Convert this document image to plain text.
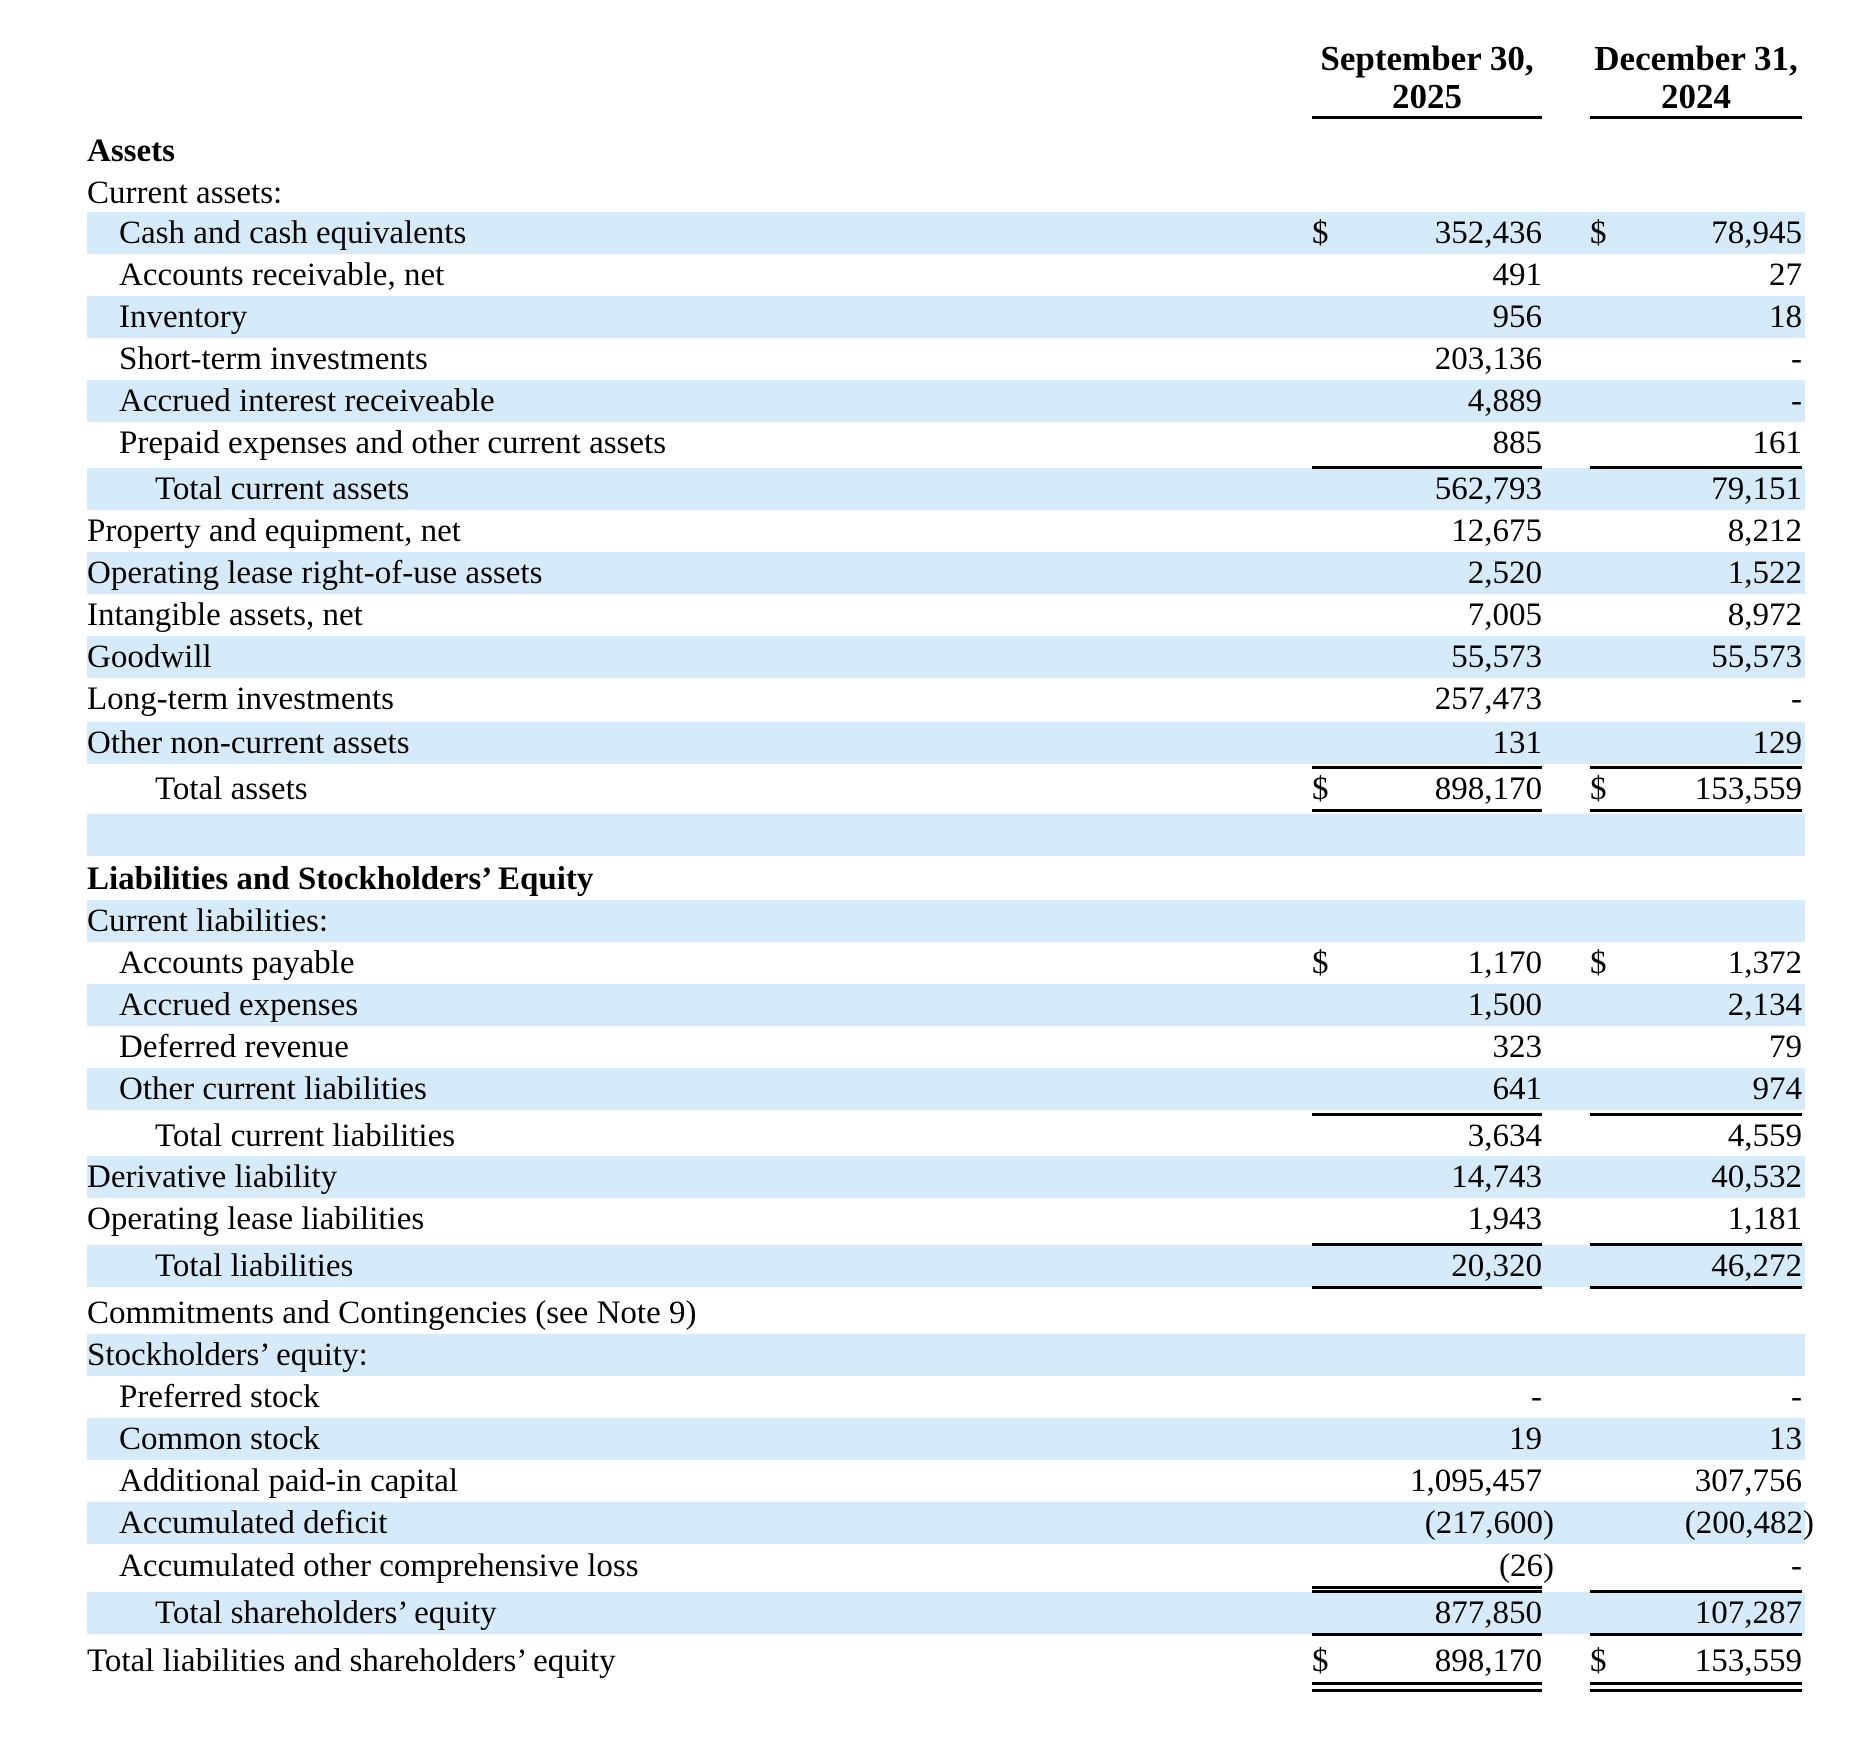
September 30,
2025
December 31,
2024
Assets
Current assets:
Cash and cash equivalents	$	352,436 $	78,945
Accounts receivable, net	491	27
Inventory	956	18
Short-term investments	203,136	-
Accrued interest receiveable	4,889	-
Prepaid expenses and other current assets	885	161
Total current assets	562,793	79,151
Property and equipment, net	12,675	8,212
Operating lease right-of-use assets	2,520	1,522
Intangible assets, net	7,005	8,972
Goodwill	55,573	55,573
Long-term investments	257,473	-
Other non-current assets	131	129
Total assets	$	898,170 $	153,559
Liabilities and Stockholders’ Equity
Current liabilities:
Accounts payable	$	1,170 $	1,372
Accrued expenses	1,500	2,134
Deferred revenue	323	79
Other current liabilities	641	974
Total current liabilities	3,634	4,559
Derivative liability	14,743	40,532
Operating lease liabilities	1,943	1,181
Total liabilities	20,320	46,272
Commitments and Contingencies (see Note 9)
Stockholders’ equity:
Preferred stock	-	-
Common stock	19	13
Additional paid-in capital	1,095,457	307,756
Accumulated deficit	(217,600)	(200,482)
Accumulated other comprehensive loss	(26)	-
Total shareholders’ equity	877,850	107,287
Total liabilities and shareholders’ equity	$	898,170 $	153,559
